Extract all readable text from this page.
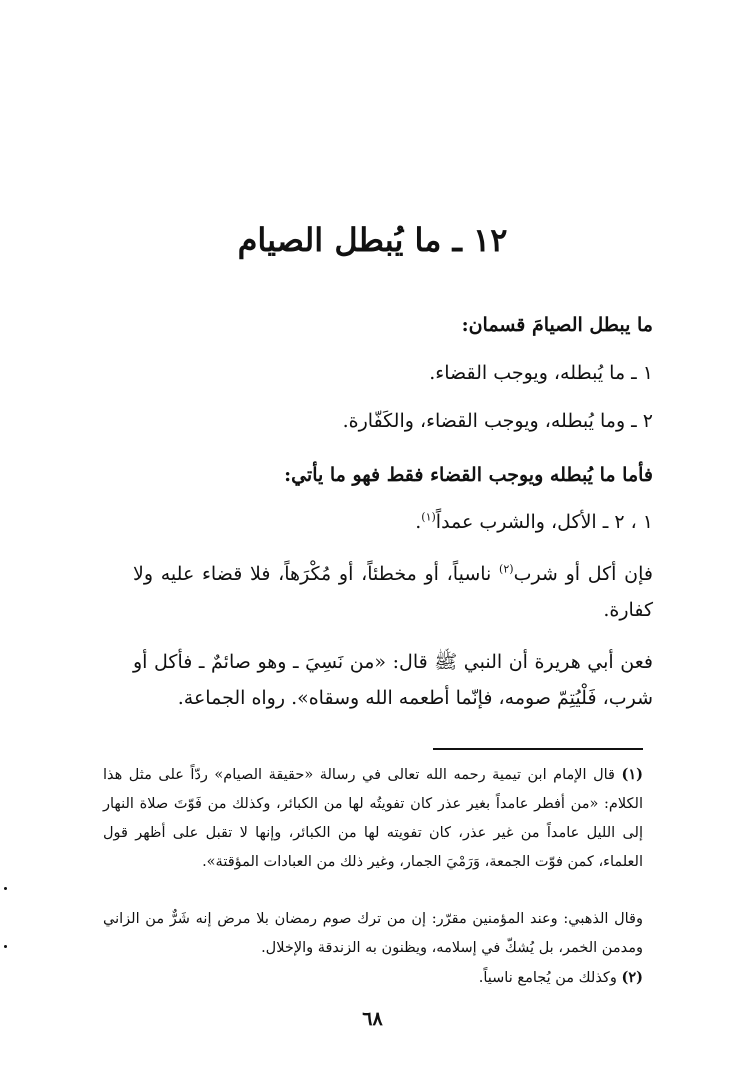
١٢ ـ ما يُبطل الصيام

ما يبطل الصيامَ قسمان:

١ ـ ما يُبطله، ويوجب القضاء.

٢ ـ وما يُبطله، ويوجب القضاء، والكَفّارة.

فأما ما يُبطله ويوجب القضاء فقط فهو ما يأتي:

١ ، ٢ ـ الأكل، والشرب عمداً$^{(١)}$.

فإن أكل أو شرب$^{(٢)}$ ناسياً، أو مخطئاً، أو مُكْرَهاً، فلا قضاء عليه ولا كفارة.

فعن أبي هريرة أن النبي ﷺ قال: «من نَسِيَ ـ وهو صائمٌ ـ فأكل أو شرب، فَلْيُتِمّ صومه، فإنّما أطعمه الله وسقاه». رواه الجماعة.

(١) قال الإمام ابن تيمية رحمه الله تعالى في رسالة «حقيقة الصيام» ردّاً على مثل هذا الكلام: «من أفطر عامداً بغير عذر كان تفويتُه لها من الكبائر، وكذلك من فَوّتَ صلاة النهار إلى الليل عامداً من غير عذر، كان تفويته لها من الكبائر، وإنها لا تقبل على أظهر قول العلماء، كمن فوّت الجمعة، وَرَمْيَ الجمار، وغير ذلك من العبادات المؤقتة».

وقال الذهبي: وعند المؤمنين مقرّر: إن من ترك صوم رمضان بلا مرض إنه شَرٌّ من الزاني ومدمن الخمر، بل يُشكّ في إسلامه، ويظنون به الزندقة والإخلال.

(٢) وكذلك من يُجامع ناسياً.

٦٨
